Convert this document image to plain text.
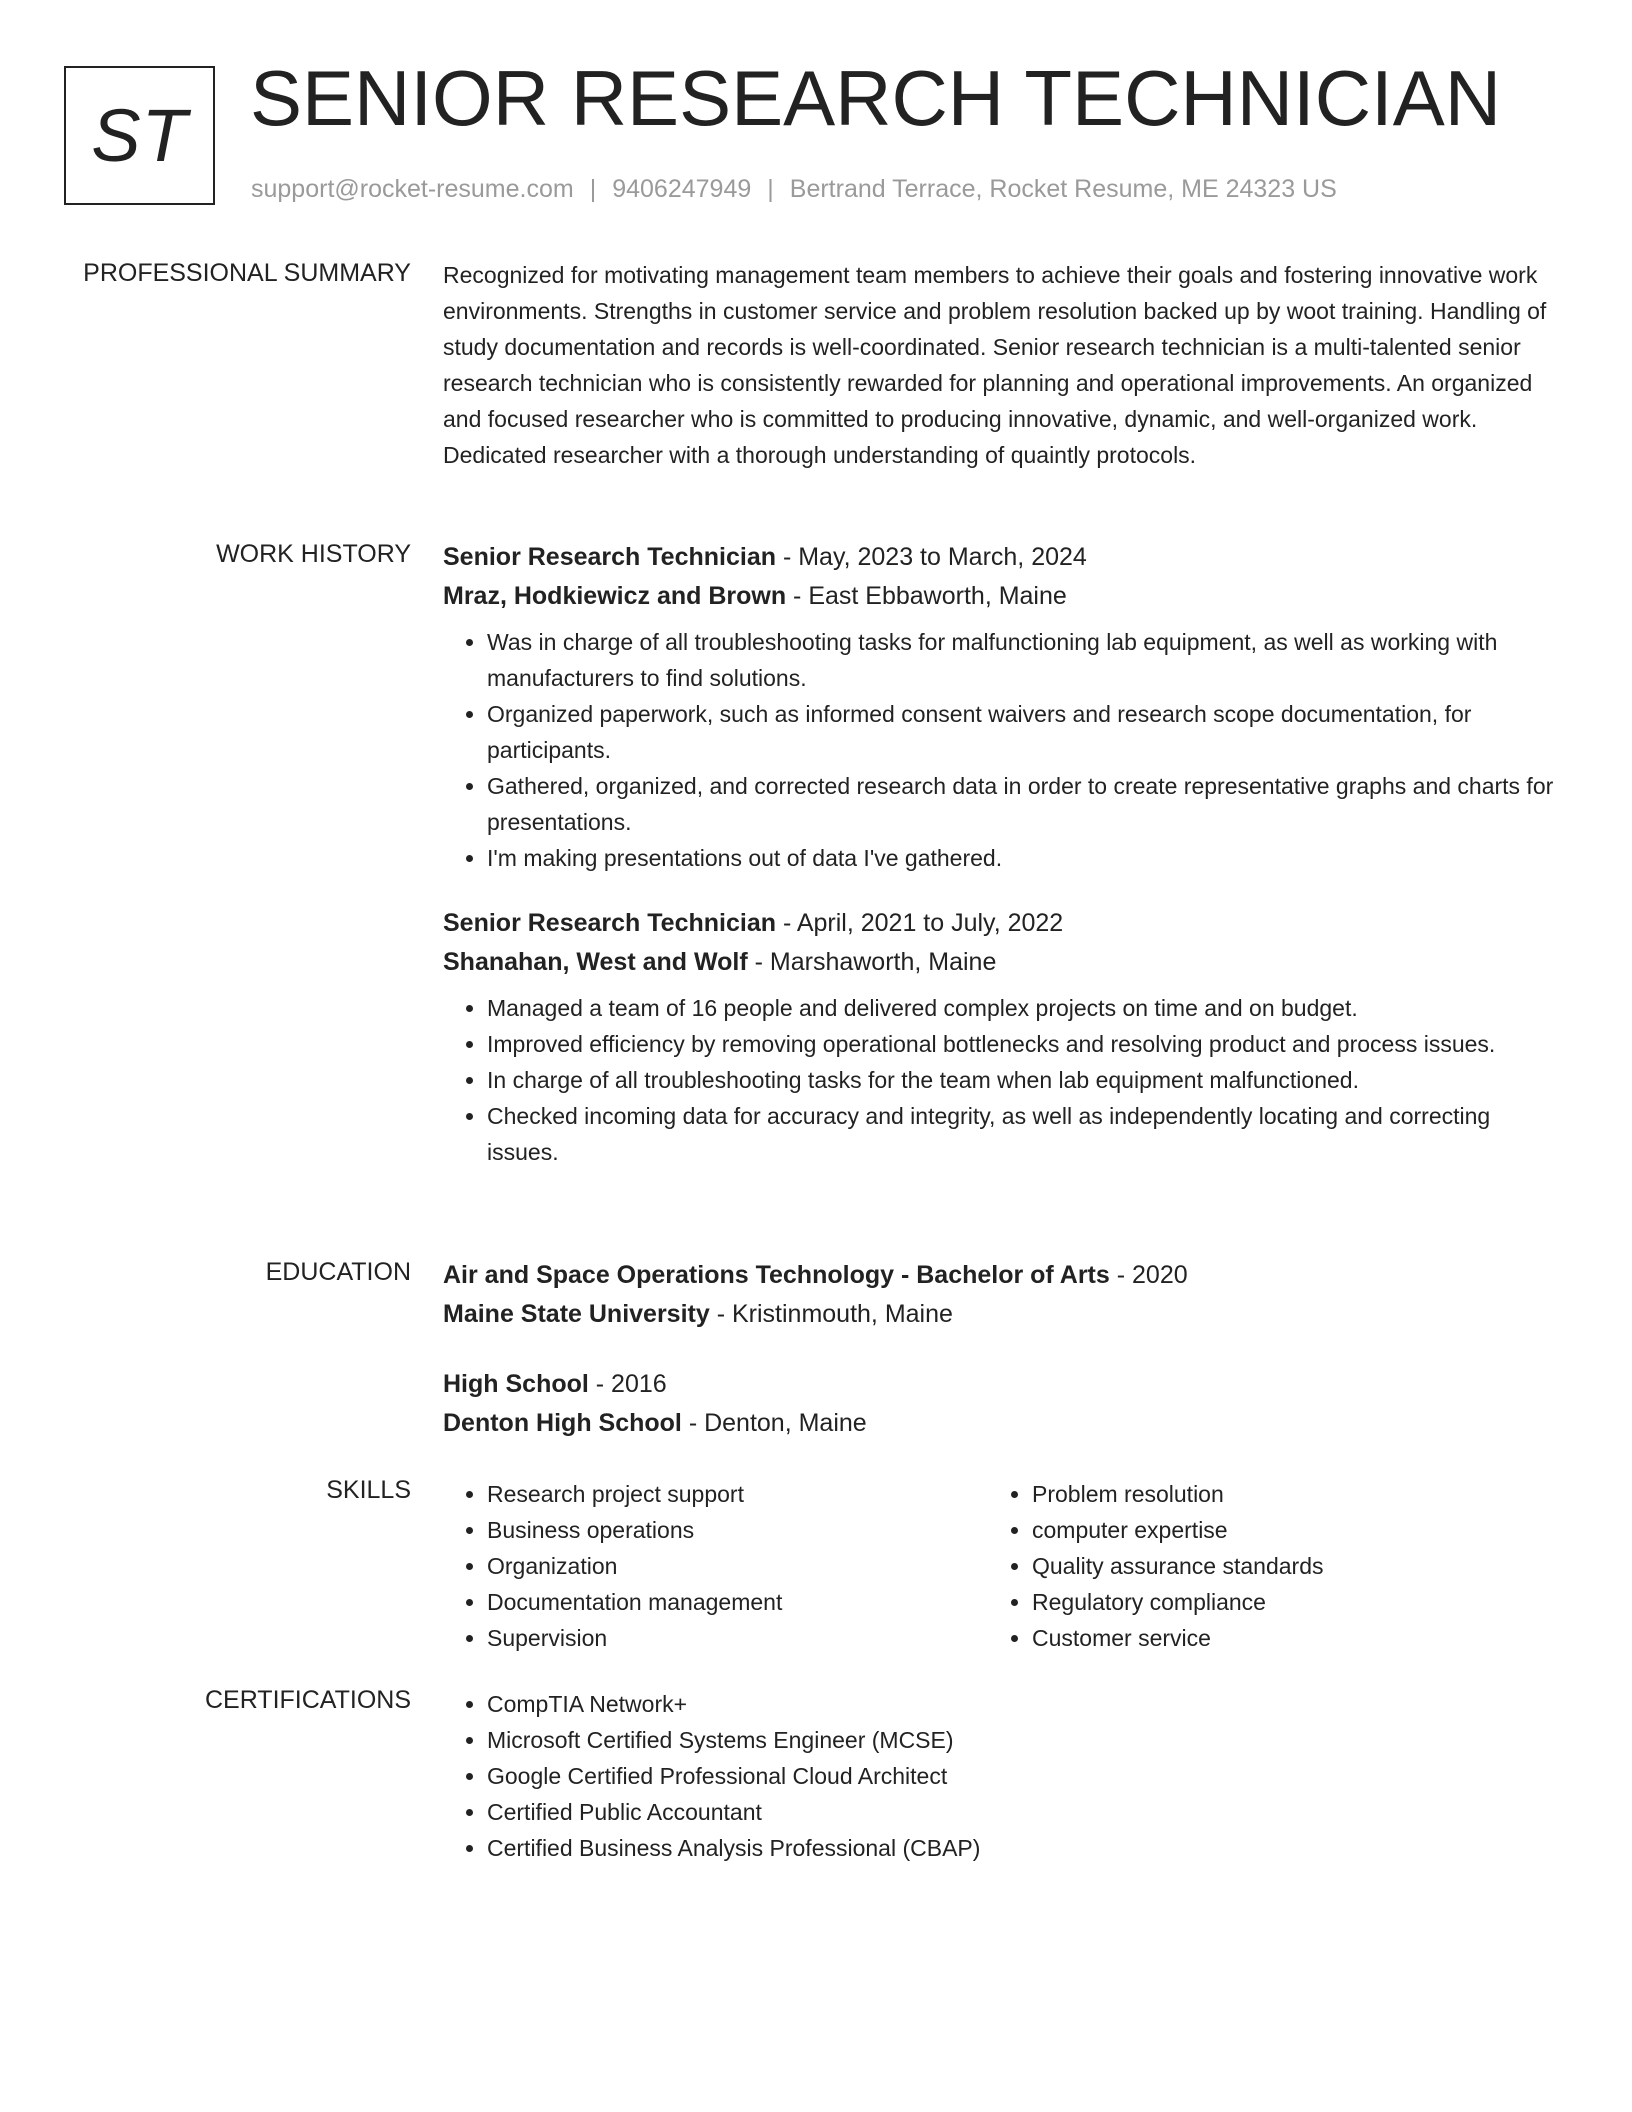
ST SENIOR RESEARCH TECHNICIAN
support@rocket-resume.com | 9406247949 | Bertrand Terrace, Rocket Resume, ME 24323 US
PROFESSIONAL SUMMARY Recognized for motivating management team members to achieve their goals and fostering innovative work environments. Strengths in customer service and problem resolution backed up by woot training. Handling of study documentation and records is well-coordinated. Senior research technician is a multi-talented senior research technician who is consistently rewarded for planning and operational improvements. An organized and focused researcher who is committed to producing innovative, dynamic, and well-organized work. Dedicated researcher with a thorough understanding of quaintly protocols.

WORK HISTORY Senior Research Technician - May, 2023 to March, 2024
Mraz, Hodkiewicz and Brown - East Ebbaworth, Maine
• Was in charge of all troubleshooting tasks for malfunctioning lab equipment, as well as working with manufacturers to find solutions.
• Organized paperwork, such as informed consent waivers and research scope documentation, for participants.
• Gathered, organized, and corrected research data in order to create representative graphs and charts for presentations.
• I'm making presentations out of data I've gathered.
Senior Research Technician - April, 2021 to July, 2022
Shanahan, West and Wolf - Marshaworth, Maine
• Managed a team of 16 people and delivered complex projects on time and on budget.
• Improved efficiency by removing operational bottlenecks and resolving product and process issues.
• In charge of all troubleshooting tasks for the team when lab equipment malfunctioned.
• Checked incoming data for accuracy and integrity, as well as independently locating and correcting issues.
EDUCATION Air and Space Operations Technology - Bachelor of Arts - 2020
Maine State University - Kristinmouth, Maine
High School - 2016
Denton High School - Denton, Maine
SKILLS	• Research project support
• Business operations
• Organization
• Documentation management
• Supervision
• Problem resolution
• computer expertise
• Quality assurance standards
• Regulatory compliance
• Customer service
CERTIFICATIONS	• CompTIA Network+
• Microsoft Certified Systems Engineer (MCSE)
• Google Certified Professional Cloud Architect
• Certified Public Accountant
• Certified Business Analysis Professional (CBAP)
